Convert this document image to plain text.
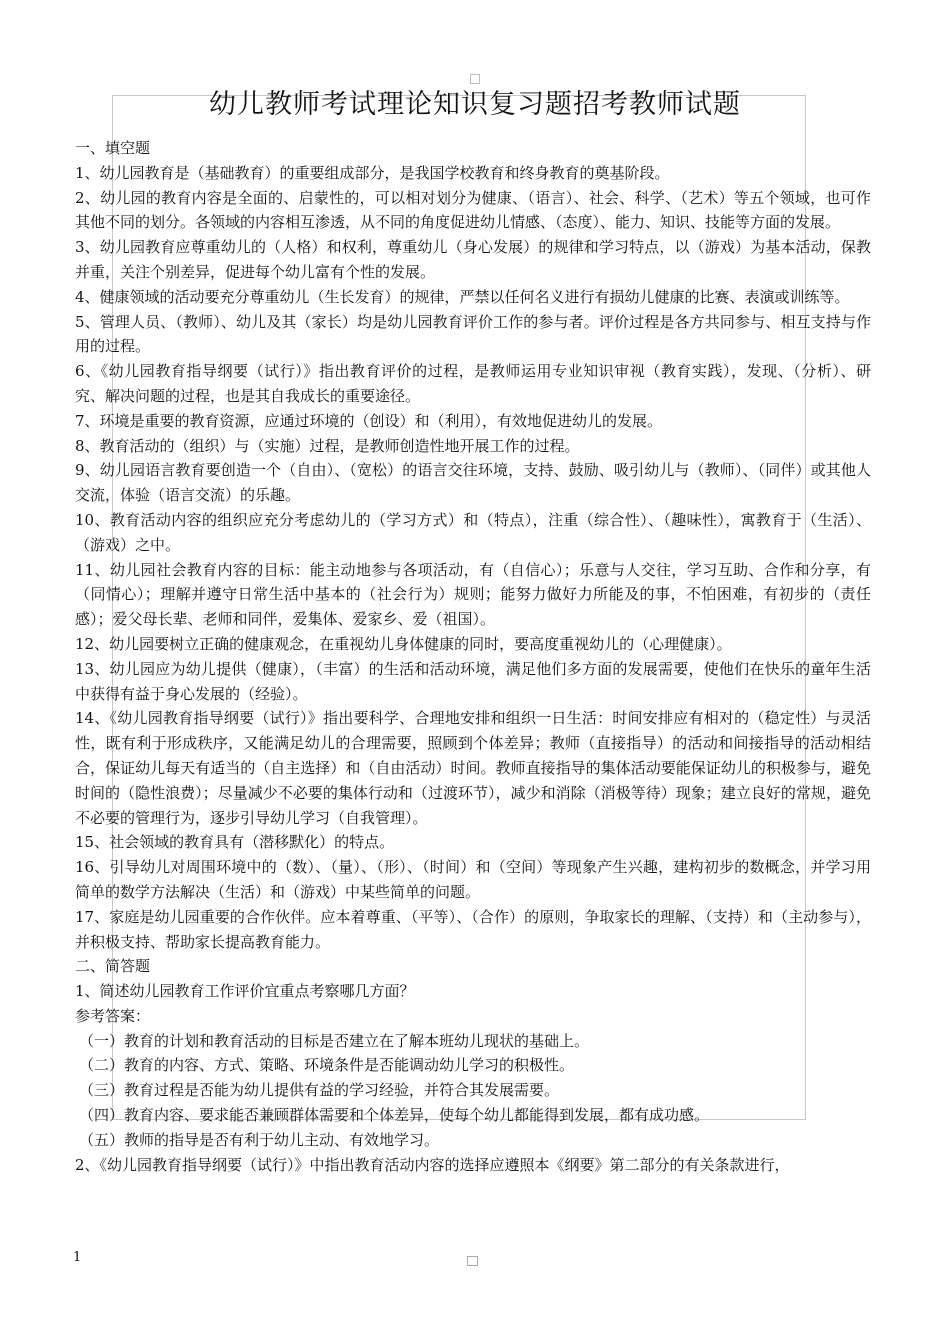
幼儿教师考试理论知识复习题招考教师试题

一、填空题

1、幼儿园教育是（基础教育）的重要组成部分，是我国学校教育和终身教育的奠基阶段。

2、幼儿园的教育内容是全面的、启蒙性的，可以相对划分为健康、（语言）、社会、科学、（艺术）等五个领域，也可作其他不同的划分。各领域的内容相互渗透，从不同的角度促进幼儿情感、（态度）、能力、知识、技能等方面的发展。

3、幼儿园教育应尊重幼儿的（人格）和权利，尊重幼儿（身心发展）的规律和学习特点，以（游戏）为基本活动，保教并重，关注个别差异，促进每个幼儿富有个性的发展。

4、健康领域的活动要充分尊重幼儿（生长发育）的规律，严禁以任何名义进行有损幼儿健康的比赛、表演或训练等。

5、管理人员、（教师）、幼儿及其（家长）均是幼儿园教育评价工作的参与者。评价过程是各方共同参与、相互支持与作用的过程。

6、《幼儿园教育指导纲要（试行）》指出教育评价的过程，是教师运用专业知识审视（教育实践），发现、（分析）、研究、解决问题的过程，也是其自我成长的重要途径。

7、环境是重要的教育资源，应通过环境的（创设）和（利用），有效地促进幼儿的发展。

8、教育活动的（组织）与（实施）过程，是教师创造性地开展工作的过程。

9、幼儿园语言教育要创造一个（自由）、（宽松）的语言交往环境，支持、鼓励、吸引幼儿与（教师）、（同伴）或其他人交流，体验（语言交流）的乐趣。

10、教育活动内容的组织应充分考虑幼儿的（学习方式）和（特点），注重（综合性）、（趣味性），寓教育于（生活）、（游戏）之中。

11、幼儿园社会教育内容的目标：能主动地参与各项活动，有（自信心）；乐意与人交往，学习互助、合作和分享，有（同情心）；理解并遵守日常生活中基本的（社会行为）规则；能努力做好力所能及的事，不怕困难，有初步的（责任感）；爱父母长辈、老师和同伴，爱集体、爱家乡、爱（祖国）。

12、幼儿园要树立正确的健康观念，在重视幼儿身体健康的同时，要高度重视幼儿的（心理健康）。

13、幼儿园应为幼儿提供（健康），（丰富）的生活和活动环境，满足他们多方面的发展需要，使他们在快乐的童年生活中获得有益于身心发展的（经验）。

14、《幼儿园教育指导纲要（试行）》指出要科学、合理地安排和组织一日生活：时间安排应有相对的（稳定性）与灵活性，既有利于形成秩序，又能满足幼儿的合理需要，照顾到个体差异；教师（直接指导）的活动和间接指导的活动相结合，保证幼儿每天有适当的（自主选择）和（自由活动）时间。教师直接指导的集体活动要能保证幼儿的积极参与，避免时间的（隐性浪费）；尽量减少不必要的集体行动和（过渡环节），减少和消除（消极等待）现象；建立良好的常规，避免不必要的管理行为，逐步引导幼儿学习（自我管理）。

15、社会领域的教育具有（潜移默化）的特点。

16、引导幼儿对周围环境中的（数）、（量）、（形）、（时间）和（空间）等现象产生兴趣，建构初步的数概念，并学习用简单的数学方法解决（生活）和（游戏）中某些简单的问题。

17、家庭是幼儿园重要的合作伙伴。应本着尊重、（平等）、（合作）的原则，争取家长的理解、（支持）和（主动参与），并积极支持、帮助家长提高教育能力。

二、简答题

1、简述幼儿园教育工作评价宜重点考察哪几方面？

参考答案：

（一）教育的计划和教育活动的目标是否建立在了解本班幼儿现状的基础上。

（二）教育的内容、方式、策略、环境条件是否能调动幼儿学习的积极性。

（三）教育过程是否能为幼儿提供有益的学习经验，并符合其发展需要。

（四）教育内容、要求能否兼顾群体需要和个体差异，使每个幼儿都能得到发展，都有成功感。

（五）教师的指导是否有利于幼儿主动、有效地学习。

2、《幼儿园教育指导纲要（试行）》中指出教育活动内容的选择应遵照本《纲要》第二部分的有关条款进行，

1
